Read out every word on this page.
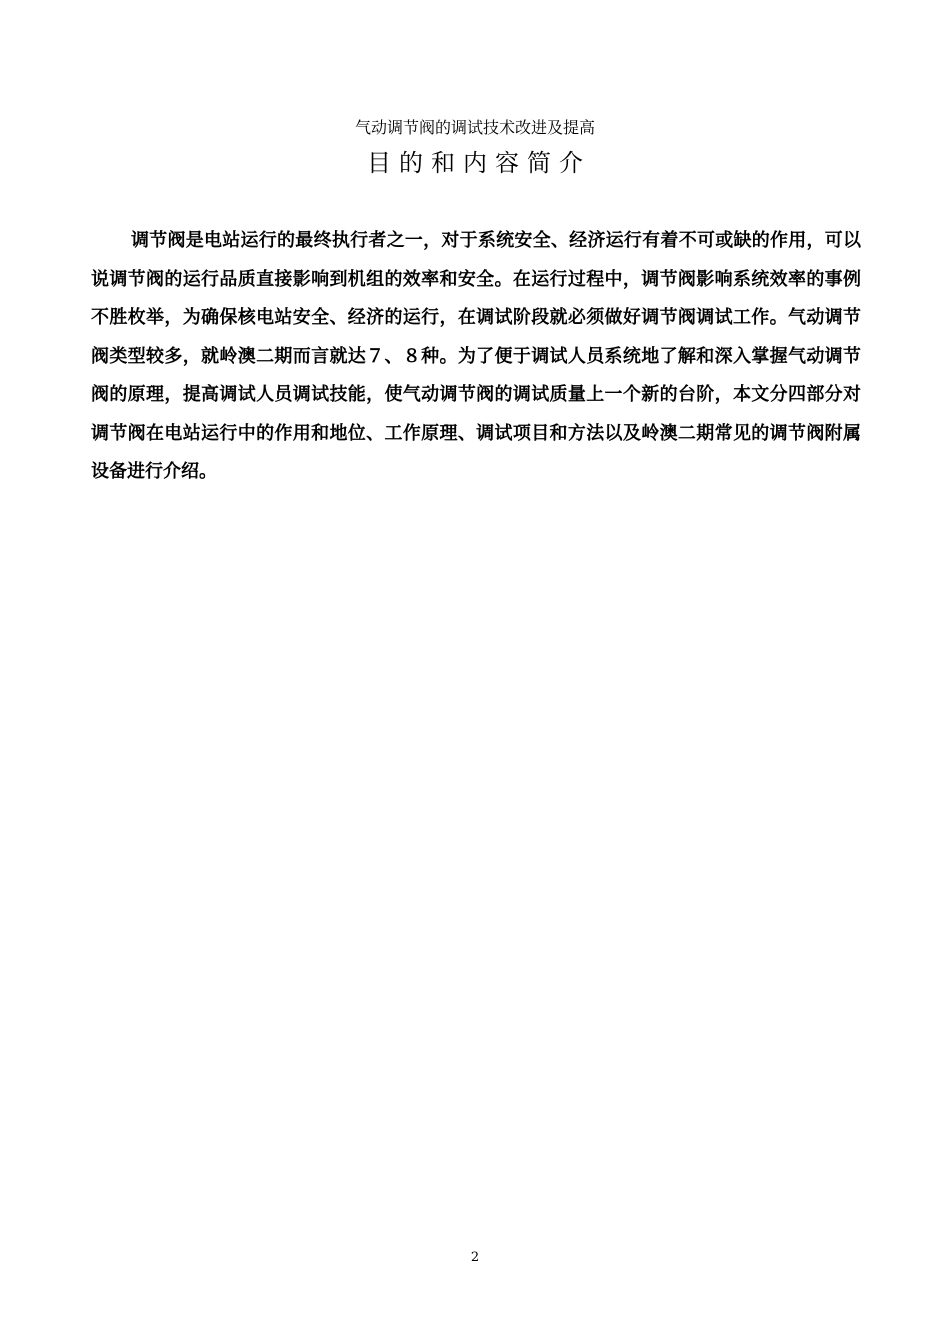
气动调节阀的调试技术改进及提高
目的和内容简介

调节阀是电站运行的最终执行者之一，对于系统安全、经济运行有着不可或缺的作用，可以说调节阀的运行品质直接影响到机组的效率和安全。在运行过程中，调节阀影响系统效率的事例不胜枚举，为确保核电站安全、经济的运行，在调试阶段就必须做好调节阀调试工作。气动调节阀类型较多，就岭澳二期而言就达７、８种。为了便于调试人员系统地了解和深入掌握气动调节阀的原理，提高调试人员调试技能，使气动调节阀的调试质量上一个新的台阶，本文分四部分对调节阀在电站运行中的作用和地位、工作原理、调试项目和方法以及岭澳二期常见的调节阀附属设备进行介绍。

2
